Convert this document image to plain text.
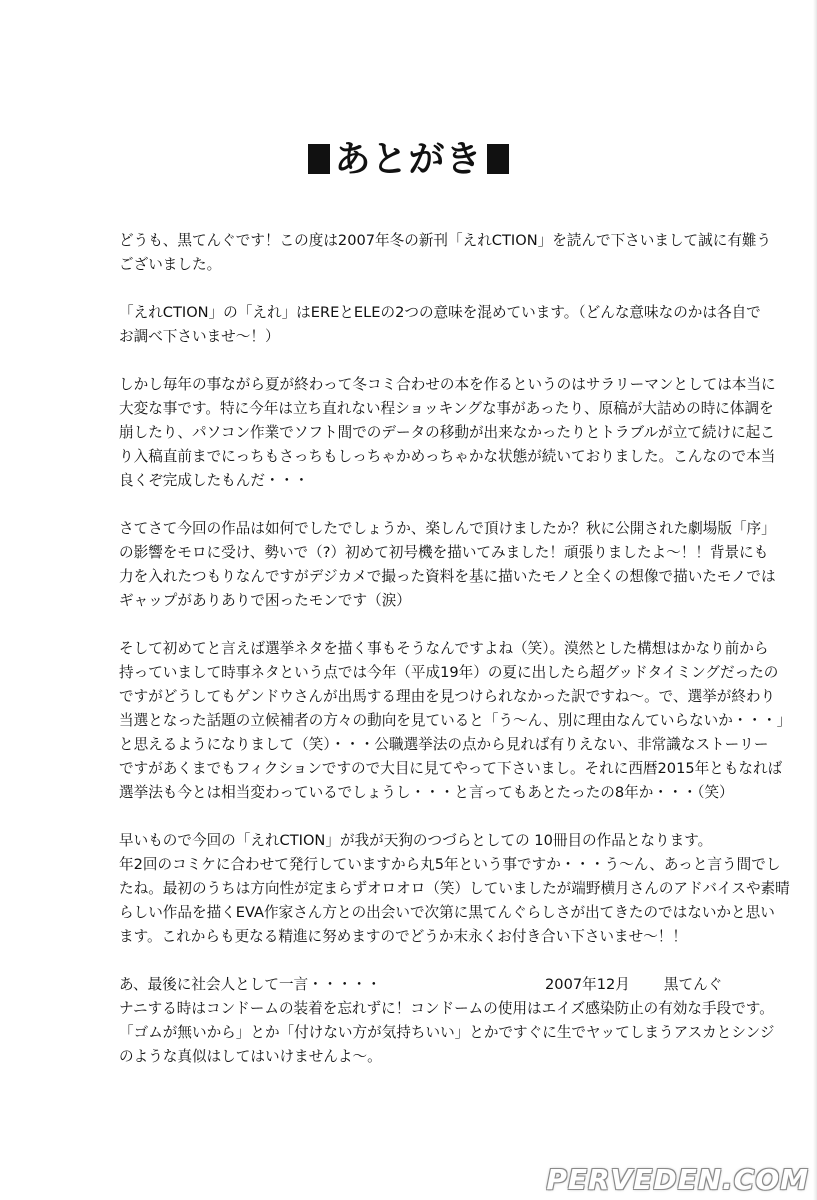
あとがき
どうも、黒てんぐです！この度は2007年冬の新刊「えれCTION」を読んで下さいまして誠に有難う
ございました。
「えれCTION」の「えれ」はEREとELEの2つの意味を混めています。（どんな意味なのかは各自で
お調べ下さいませ〜！）
しかし毎年の事ながら夏が終わって冬コミ合わせの本を作るというのはサラリーマンとしては本当に
大変な事です。特に今年は立ち直れない程ショッキングな事があったり、原稿が大詰めの時に体調を
崩したり、パソコン作業でソフト間でのデータの移動が出来なかったりとトラブルが立て続けに起こ
り入稿直前までにっちもさっちもしっちゃかめっちゃかな状態が続いておりました。こんなので本当
良くぞ完成したもんだ・・・
さてさて今回の作品は如何でしたでしょうか、楽しんで頂けましたか？秋に公開された劇場版「序」
の影響をモロに受け、勢いで（?）初めて初号機を描いてみました！頑張りましたよ〜！！背景にも
力を入れたつもりなんですがデジカメで撮った資料を基に描いたモノと全くの想像で描いたモノでは
ギャップがありありで困ったモンです（涙）
そして初めてと言えば選挙ネタを描く事もそうなんですよね（笑）。漠然とした構想はかなり前から
持っていまして時事ネタという点では今年（平成19年）の夏に出したら超グッドタイミングだったの
ですがどうしてもゲンドウさんが出馬する理由を見つけられなかった訳ですね〜。で、選挙が終わり
当選となった話題の立候補者の方々の動向を見ていると「う〜ん、別に理由なんていらないか・・・」
と思えるようになりまして（笑）・・・公職選挙法の点から見れば有りえない、非常識なストーリー
ですがあくまでもフィクションですので大目に見てやって下さいまし。それに西暦2015年ともなれば
選挙法も今とは相当変わっているでしょうし・・・と言ってもあとたったの8年か・・・（笑）
早いもので今回の「えれCTION」が我が天狗のつづらとしての 10冊目の作品となります。
年2回のコミケに合わせて発行していますから丸5年という事ですか・・・う〜ん、あっと言う間でし
たね。最初のうちは方向性が定まらずオロオロ（笑）していましたが端野横月さんのアドバイスや素晴
らしい作品を描くEVA作家さん方との出会いで次第に黒てんぐらしさが出てきたのではないかと思い
ます。これからも更なる精進に努めますのでどうか末永くお付き合い下さいませ〜！！
あ、最後に社会人として一言・・・・・
ナニする時はコンドームの装着を忘れずに！コンドームの使用はエイズ感染防止の有効な手段です。
「ゴムが無いから」とか「付けない方が気持ちいい」とかですぐに生でヤッてしまうアスカとシンジ
のような真似はしてはいけませんよ〜。
2007年12月 黒てんぐ
PERVEDEN.COM
